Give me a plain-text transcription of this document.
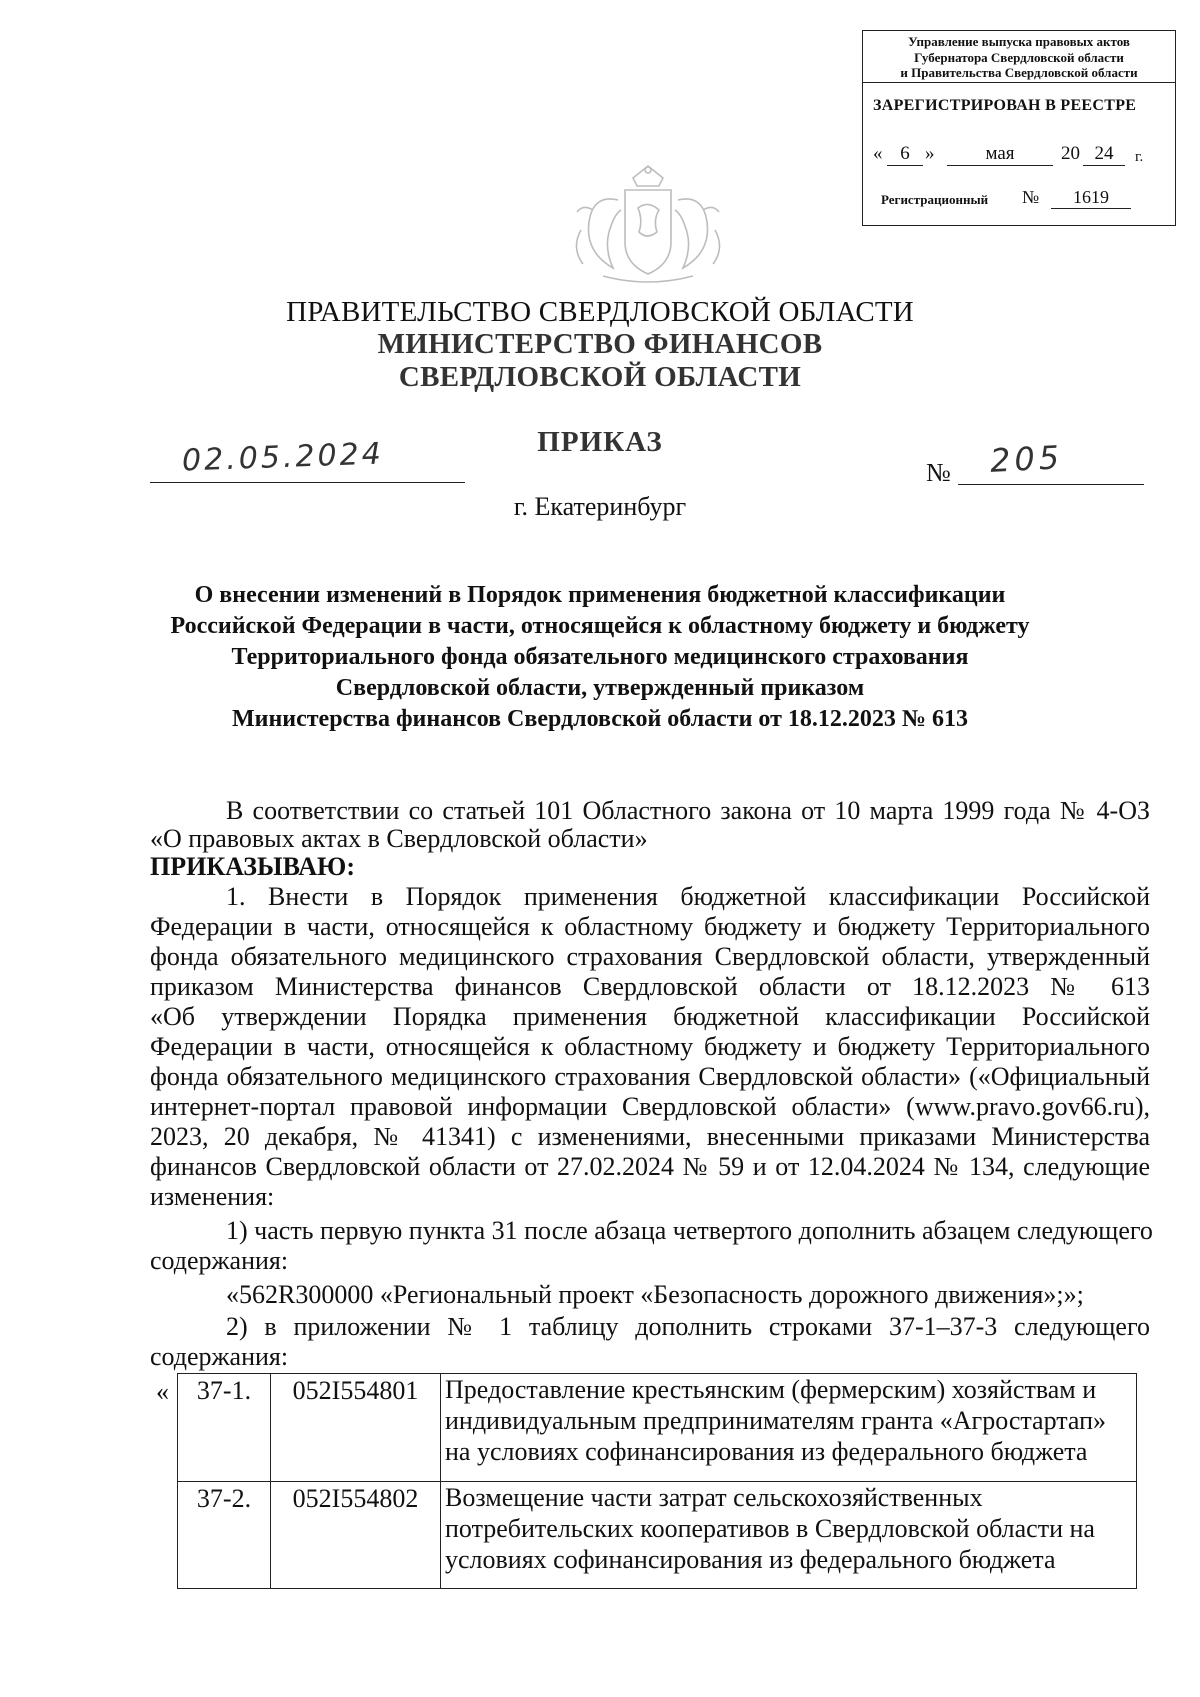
Управление выпуска правовых актов
Губернатора Свердловской области
и Правительства Свердловской области
ЗАРЕГИСТРИРОВАН В РЕЕСТРЕ
« 6 »	мая	20 24	г.
Регистрационный №	1619
ПРАВИТЕЛЬСТВО СВЕРДЛОВСКОЙ ОБЛАСТИ
МИНИСТЕРСТВО ФИНАНСОВ
СВЕРДЛОВСКОЙ ОБЛАСТИ
ПРИКАЗ
02.05.2024	№ 205
г. Екатеринбург
О внесении изменений в Порядок применения бюджетной классификации
Российской Федерации в части, относящейся к областному бюджету и бюджету
Территориального фонда обязательного медицинского страхования
Свердловской области, утвержденный приказом
Министерства финансов Свердловской области от 18.12.2023 № 613
В соответствии со статьей 101 Областного закона от 10 марта 1999 года № 4-ОЗ
«О правовых актах в Свердловской области»
ПРИКАЗЫВАЮ:
1. Внести в Порядок применения бюджетной классификации Российской
Федерации в части, относящейся к областному бюджету и бюджету Территориального
фонда обязательного медицинского страхования Свердловской области, утвержденный
приказом Министерства финансов Свердловской области от 18.12.2023 № 613
«Об утверждении Порядка применения бюджетной классификации Российской
Федерации в части, относящейся к областному бюджету и бюджету Территориального
фонда обязательного медицинского страхования Свердловской области» («Официальный
интернет-портал правовой информации Свердловской области» (www.pravo.gov66.ru),
2023, 20 декабря, № 41341) с изменениями, внесенными приказами Министерства
финансов Свердловской области от 27.02.2024 № 59 и от 12.04.2024 № 134, следующие
изменения:
1) часть первую пункта 31 после абзаца четвертого дополнить абзацем следующего
содержания:
«562R300000 «Региональный проект «Безопасность дорожного движения»;»;
2) в приложении № 1 таблицу дополнить строками 37-1–37-3 следующего
содержания:
«	37-1.	052I554801	Предоставление крестьянским (фермерским) хозяйствам и
индивидуальным предпринимателям гранта «Агростартап»
на условиях софинансирования из федерального бюджета
37-2.	052I554802	Возмещение части затрат сельскохозяйственных
потребительских кооперативов в Свердловской области на
условиях софинансирования из федерального бюджета
